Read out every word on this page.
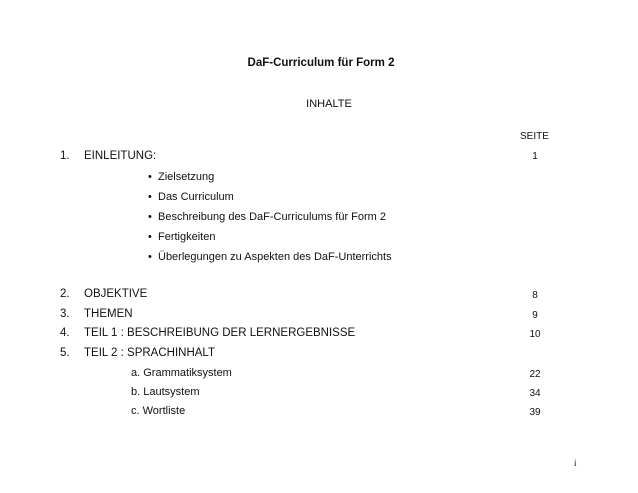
DaF-Curriculum für Form 2
INHALTE
SEITE
1. EINLEITUNG:	1
• Zielsetzung
• Das Curriculum
• Beschreibung des DaF-Curriculums für Form 2
• Fertigkeiten
• Überlegungen zu Aspekten des DaF-Unterrichts
2. OBJEKTIVE	8
3. THEMEN	9
4. TEIL 1 : BESCHREIBUNG DER LERNERGEBNISSE	10
5. TEIL 2 : SPRACHINHALT
a. Grammatiksystem	22
b. Lautsystem	34
c. Wortliste	39
i
